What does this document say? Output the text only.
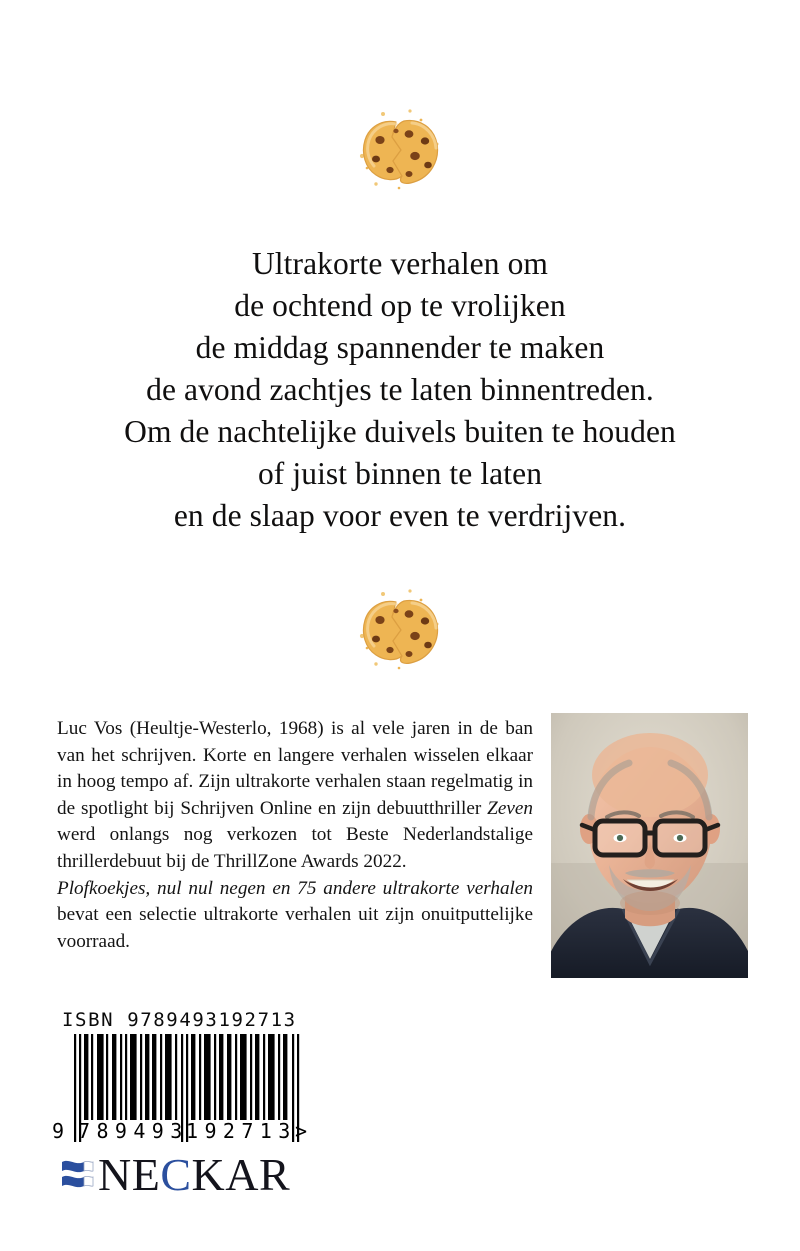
Ultrakorte verhalen om
de ochtend op te vrolijken
de middag spannender te maken
de avond zachtjes te laten binnentreden.
Om de nachtelijke duivels buiten te houden
of juist binnen te laten
en de slaap voor even te verdrijven.

Luc Vos (Heultje-Westerlo, 1968) is al vele jaren in de ban van het schrijven. Korte en langere verhalen wisselen elkaar in hoog tempo af. Zijn ultrakorte verhalen staan regelmatig in de spotlight bij Schrijven Online en zijn debuutthriller Zeven werd onlangs nog verkozen tot Beste Nederlandstalige thrillerdebuut bij de ThrillZone Awards 2022.

Plofkoekjes, nul nul negen en 75 andere ultrakorte verhalen bevat een selectie ultrakorte verhalen uit zijn onuitputtelijke voorraad.

ISBN 9789493192713
9 789493
192713
>
NECKAR
